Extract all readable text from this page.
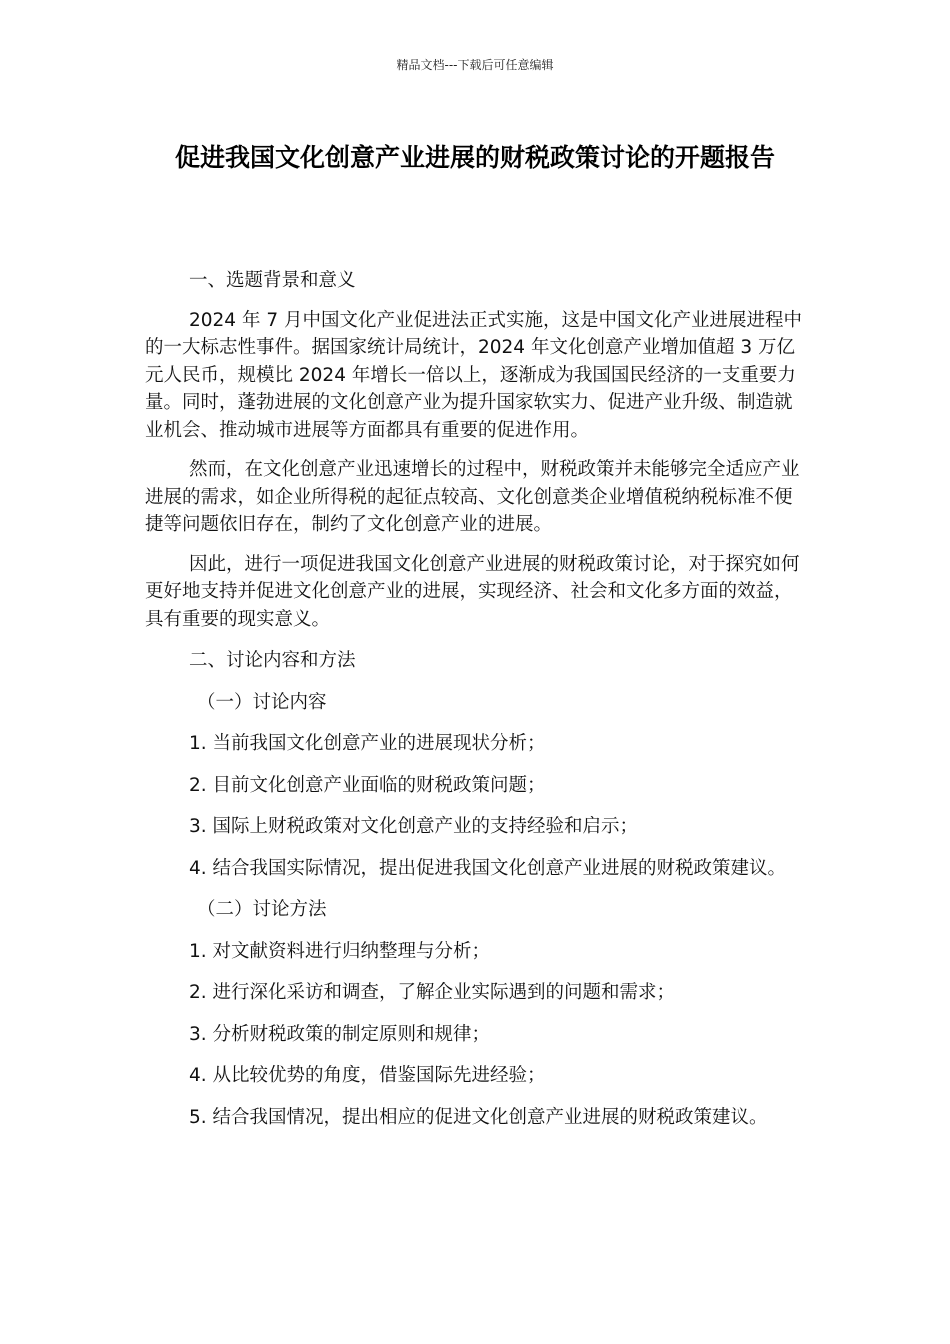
精品文档---下载后可任意编辑
促进我国文化创意产业进展的财税政策讨论的开题报告

一、选题背景和意义

2024 年 7 月中国文化产业促进法正式实施，这是中国文化产业进展进程中的一大标志性事件。据国家统计局统计，2024 年文化创意产业增加值超 3 万亿元人民币，规模比 2024 年增长一倍以上，逐渐成为我国国民经济的一支重要力量。同时，蓬勃进展的文化创意产业为提升国家软实力、促进产业升级、制造就业机会、推动城市进展等方面都具有重要的促进作用。

然而，在文化创意产业迅速增长的过程中，财税政策并未能够完全适应产业进展的需求，如企业所得税的起征点较高、文化创意类企业增值税纳税标准不便捷等问题依旧存在，制约了文化创意产业的进展。

因此，进行一项促进我国文化创意产业进展的财税政策讨论，对于探究如何更好地支持并促进文化创意产业的进展，实现经济、社会和文化多方面的效益，具有重要的现实意义。

二、讨论内容和方法

（一）讨论内容

1. 当前我国文化创意产业的进展现状分析；

2. 目前文化创意产业面临的财税政策问题；

3. 国际上财税政策对文化创意产业的支持经验和启示；

4. 结合我国实际情况，提出促进我国文化创意产业进展的财税政策建议。

（二）讨论方法

1. 对文献资料进行归纳整理与分析；

2. 进行深化采访和调查，了解企业实际遇到的问题和需求；

3. 分析财税政策的制定原则和规律；

4. 从比较优势的角度，借鉴国际先进经验；

5. 结合我国情况，提出相应的促进文化创意产业进展的财税政策建议。
